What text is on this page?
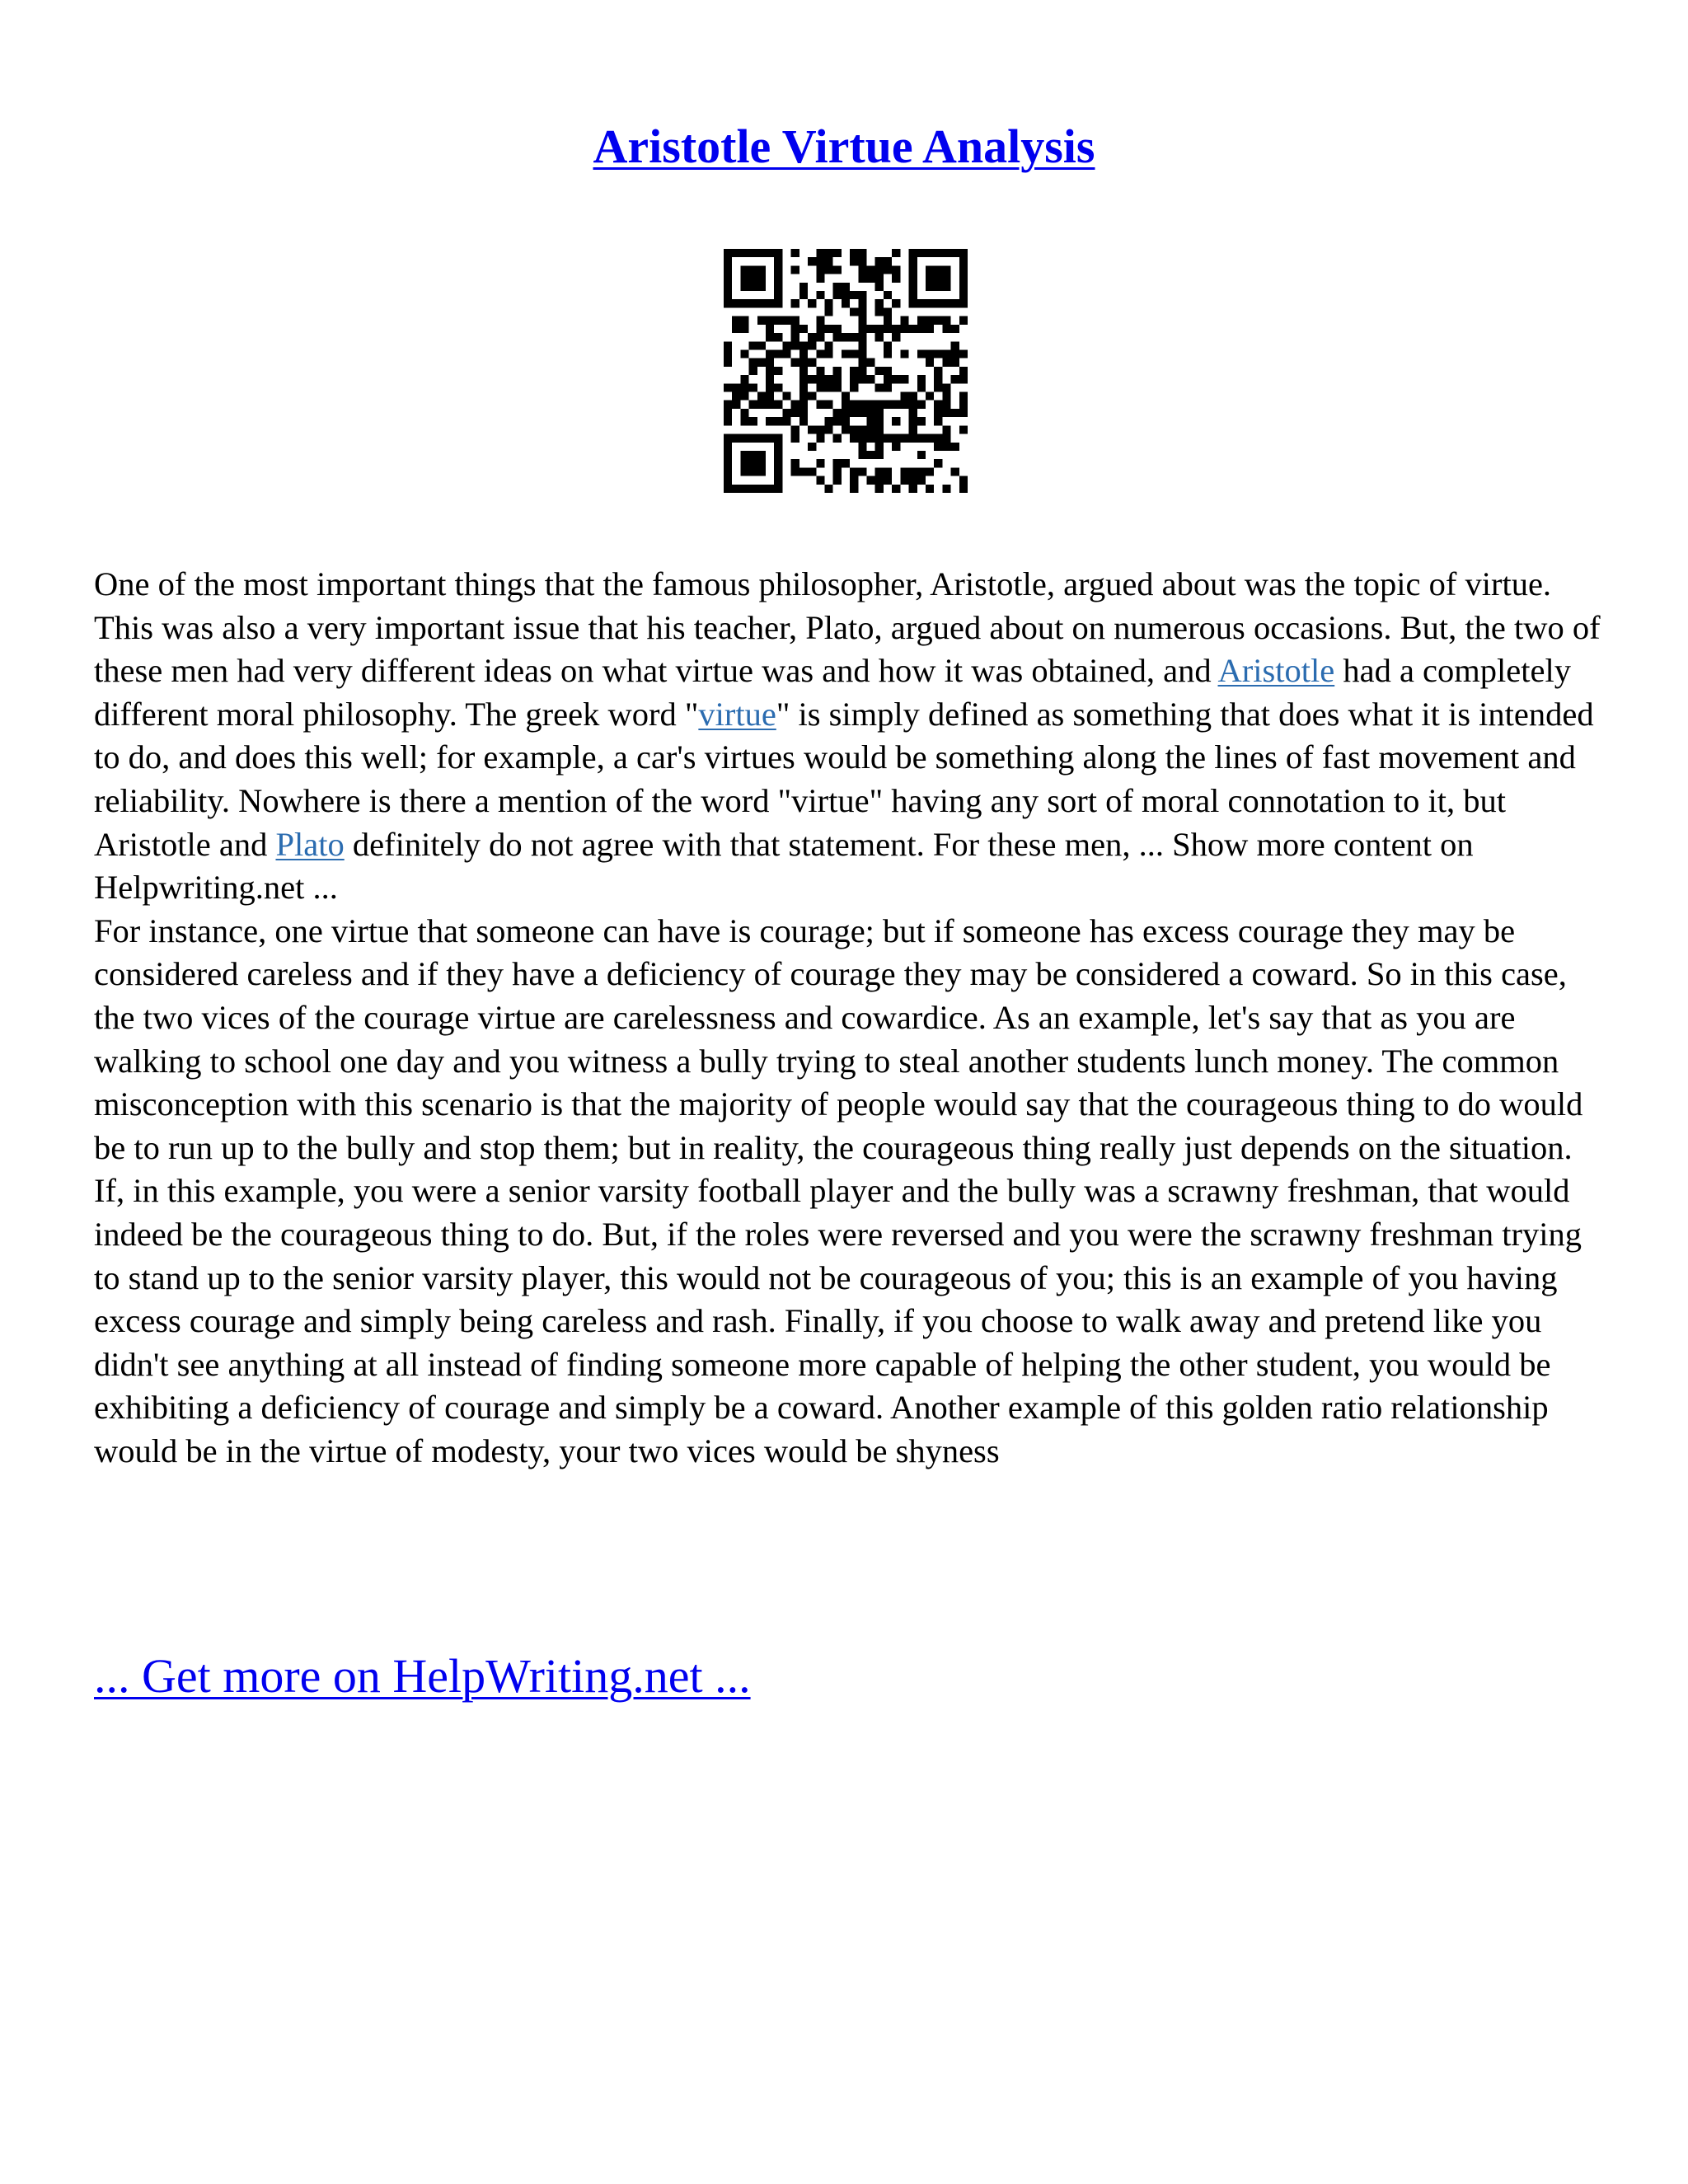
Aristotle Virtue Analysis

One of the most important things that the famous philosopher, Aristotle, argued about was the topic of virtue. This was also a very important issue that his teacher, Plato, argued about on numerous occasions. But, the two of these men had very different ideas on what virtue was and how it was obtained, and Aristotle had a completely different moral philosophy. The greek word "virtue" is simply defined as something that does what it is intended to do, and does this well; for example, a car's virtues would be something along the lines of fast movement and reliability. Nowhere is there a mention of the word "virtue" having any sort of moral connotation to it, but Aristotle and Plato definitely do not agree with that statement. For these men, ... Show more content on Helpwriting.net ...

For instance, one virtue that someone can have is courage; but if someone has excess courage they may be considered careless and if they have a deficiency of courage they may be considered a coward. So in this case, the two vices of the courage virtue are carelessness and cowardice. As an example, let's say that as you are walking to school one day and you witness a bully trying to steal another students lunch money. The common misconception with this scenario is that the majority of people would say that the courageous thing to do would be to run up to the bully and stop them; but in reality, the courageous thing really just depends on the situation. If, in this example, you were a senior varsity football player and the bully was a scrawny freshman, that would indeed be the courageous thing to do. But, if the roles were reversed and you were the scrawny freshman trying to stand up to the senior varsity player, this would not be courageous of you; this is an example of you having excess courage and simply being careless and rash. Finally, if you choose to walk away and pretend like you didn't see anything at all instead of finding someone more capable of helping the other student, you would be exhibiting a deficiency of courage and simply be a coward. Another example of this golden ratio relationship would be in the virtue of modesty, your two vices would be shyness

... Get more on HelpWriting.net ...
